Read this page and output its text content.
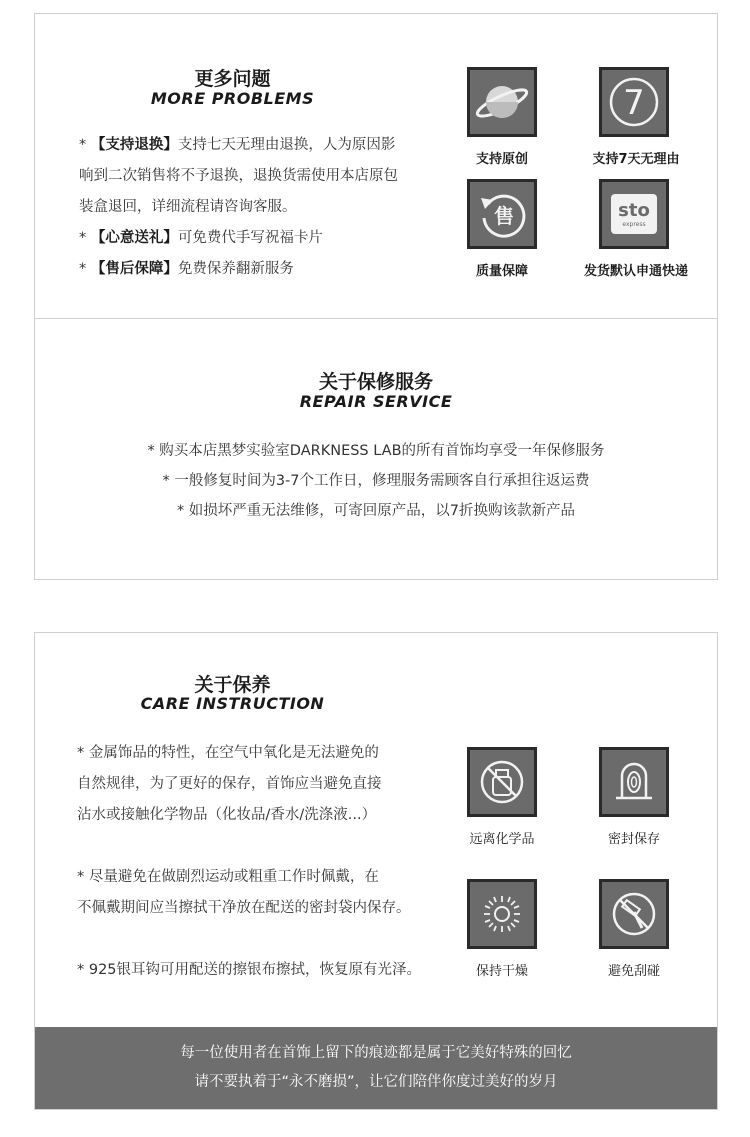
更多问题
MORE PROBLEMS

* 【支持退换】支持七天无理由退换，人为原因影

响到二次销售将不予退换，退换货需使用本店原包

装盒退回，详细流程请咨询客服。

* 【心意送礼】可免费代手写祝福卡片

* 【售后保障】免费保养翻新服务

支持原创
7
支持7天无理由
售
质量保障
sto
express
发货默认申通快递
关于保修服务
REPAIR SERVICE

* 购买本店黑梦实验室DARKNESS LAB的所有首饰均享受一年保修服务

* 一般修复时间为3-7个工作日，修理服务需顾客自行承担往返运费

* 如损坏严重无法维修，可寄回原产品，以7折换购该款新产品

关于保养
CARE INSTRUCTION

* 金属饰品的特性，在空气中氧化是无法避免的

自然规律，为了更好的保存，首饰应当避免直接

沾水或接触化学物品（化妆品/香水/洗涤液...）

* 尽量避免在做剧烈运动或粗重工作时佩戴，在

不佩戴期间应当擦拭干净放在配送的密封袋内保存。

* 925银耳钩可用配送的擦银布擦拭，恢复原有光泽。

远离化学品	密封保存
保持干燥	避免刮碰

每一位使用者在首饰上留下的痕迹都是属于它美好特殊的回忆

请不要执着于“永不磨损”，让它们陪伴你度过美好的岁月
